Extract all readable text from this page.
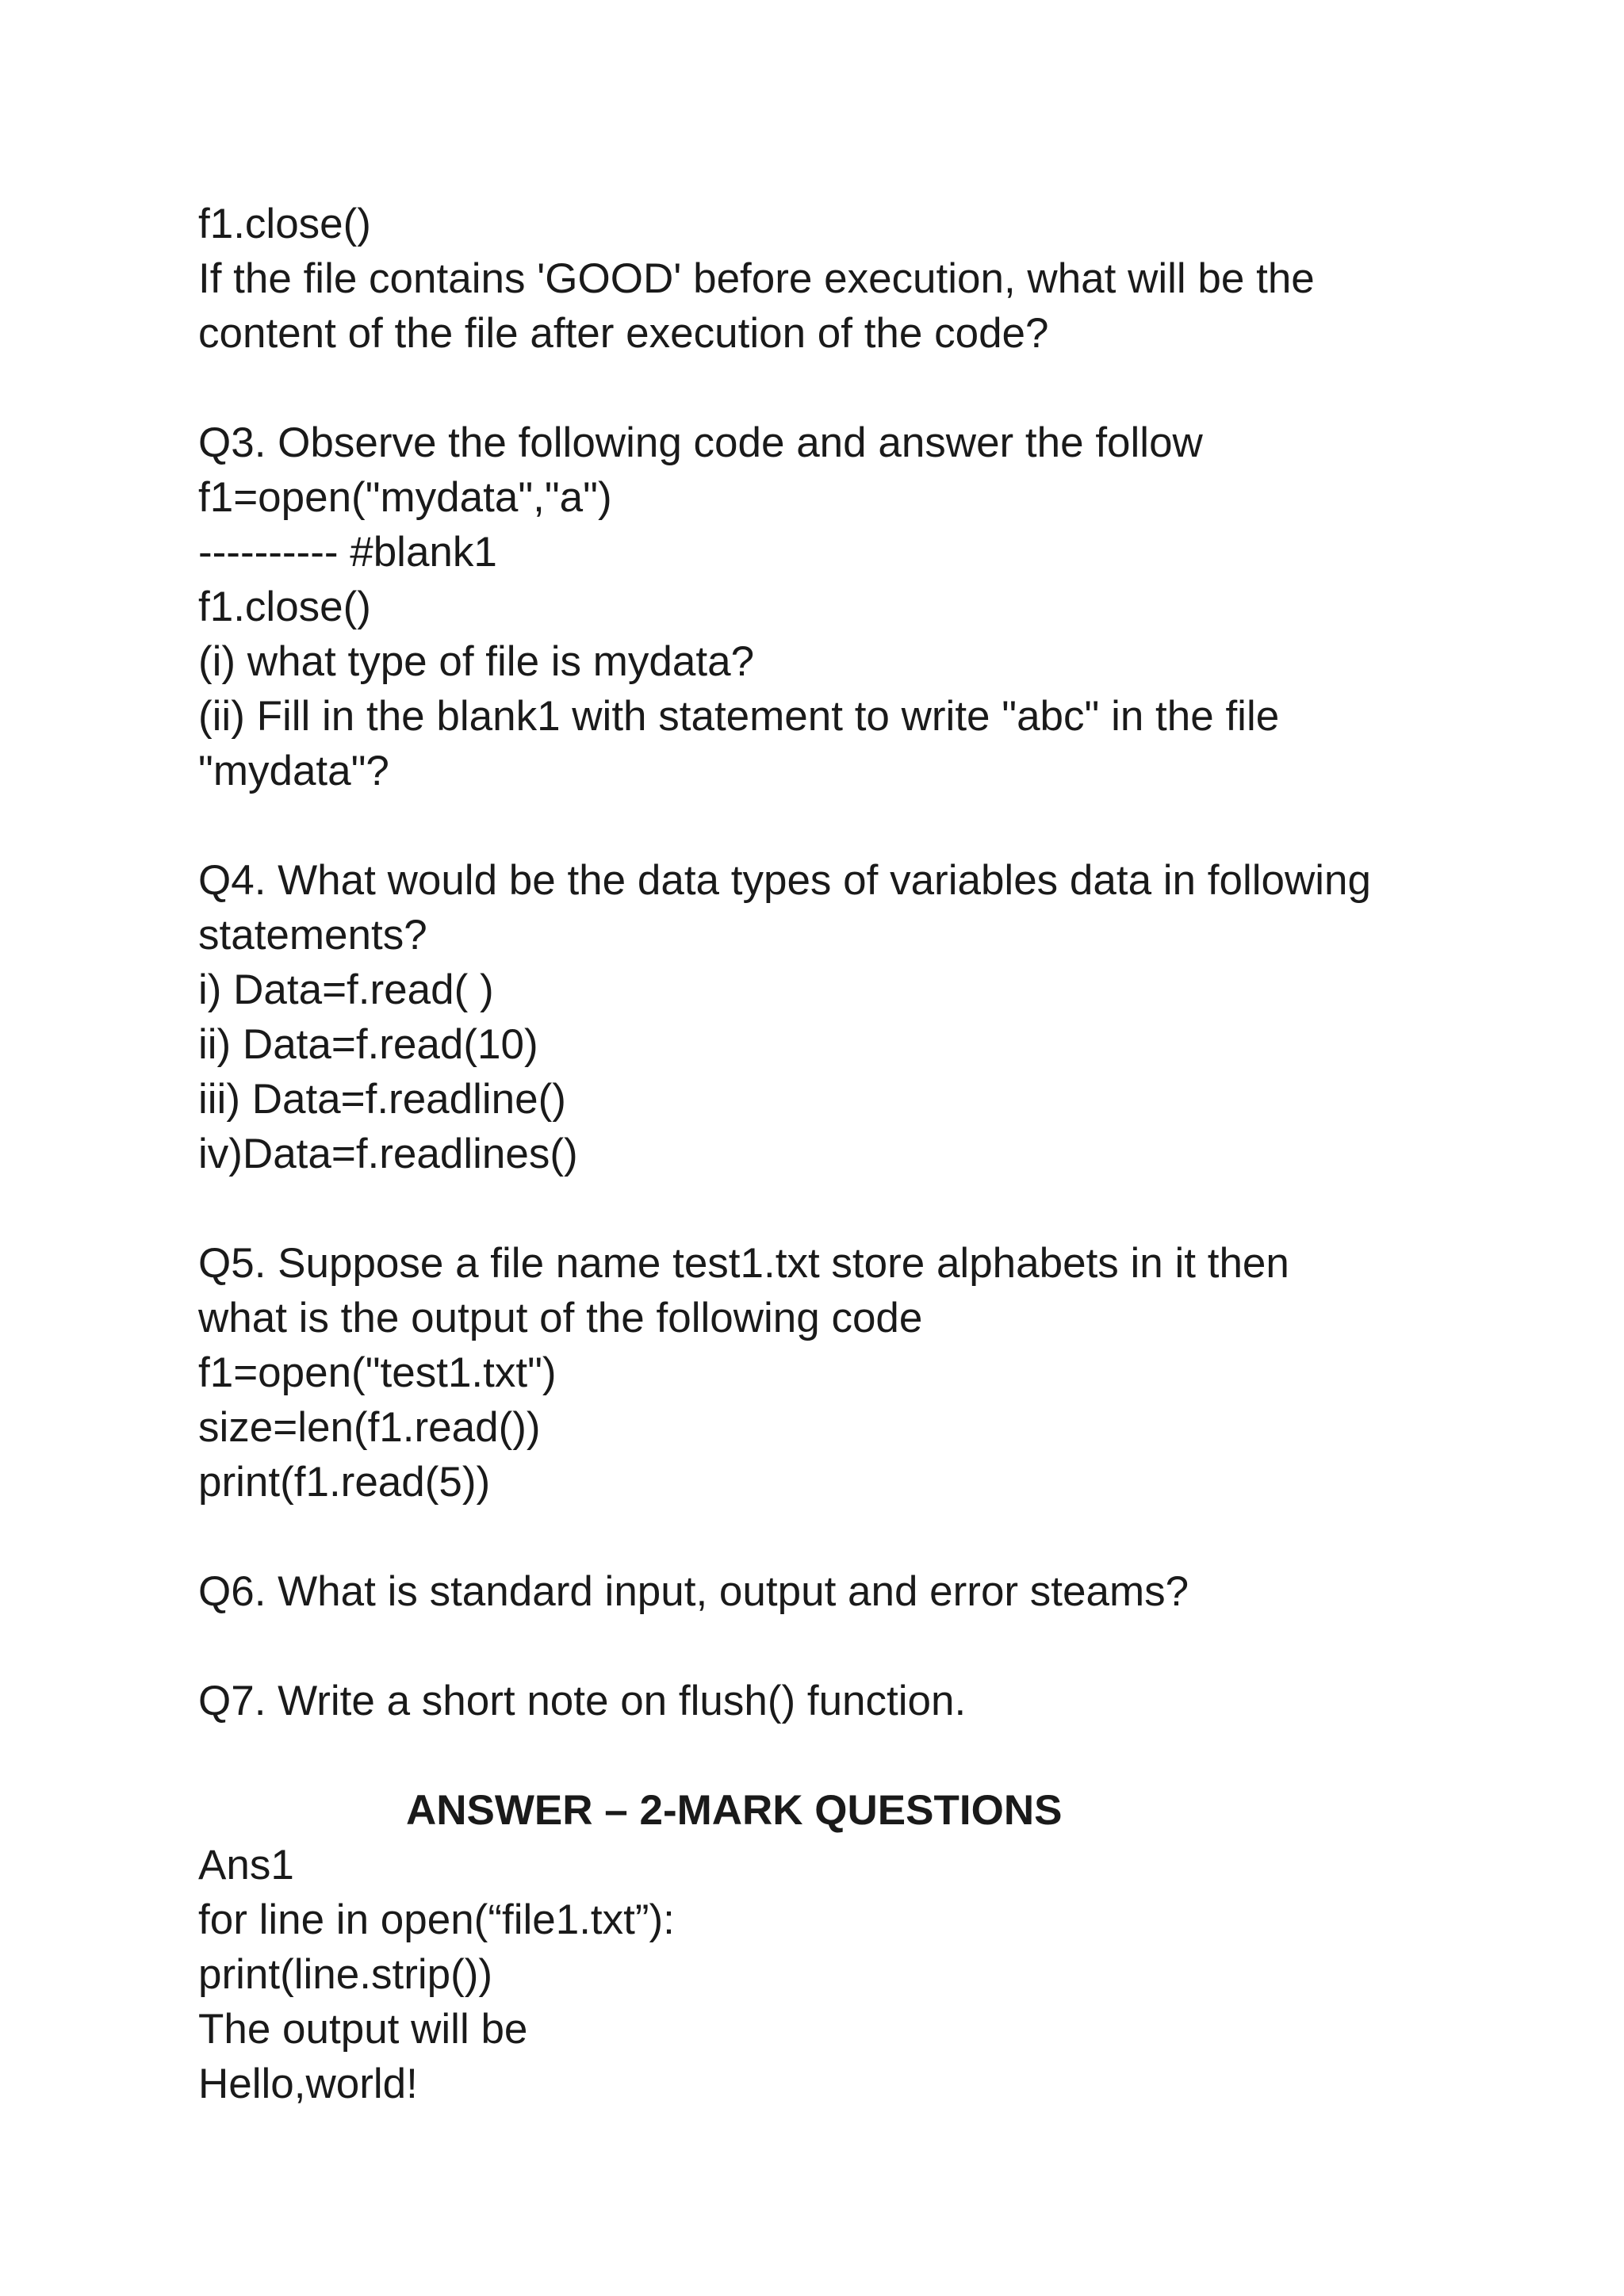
f1.close()
If the file contains 'GOOD' before execution, what will be the
content of the file after execution of the code?
Q3. Observe the following code and answer the follow
f1=open("mydata","a")
---------- #blank1
f1.close()
(i) what type of file is mydata?
(ii) Fill in the blank1 with statement to write "abc" in the file
"mydata"?
Q4. What would be the data types of variables data in following
statements?
i) Data=f.read( )
ii) Data=f.read(10)
iii) Data=f.readline()
iv)Data=f.readlines()
Q5. Suppose a file name test1.txt store alphabets in it then
what is the output of the following code
f1=open("test1.txt")
size=len(f1.read())
print(f1.read(5))
Q6. What is standard input, output and error steams?
Q7. Write a short note on flush() function.
ANSWER – 2-MARK QUESTIONS
Ans1
for line in open(“file1.txt”):
print(line.strip())
The output will be
Hello,world!
